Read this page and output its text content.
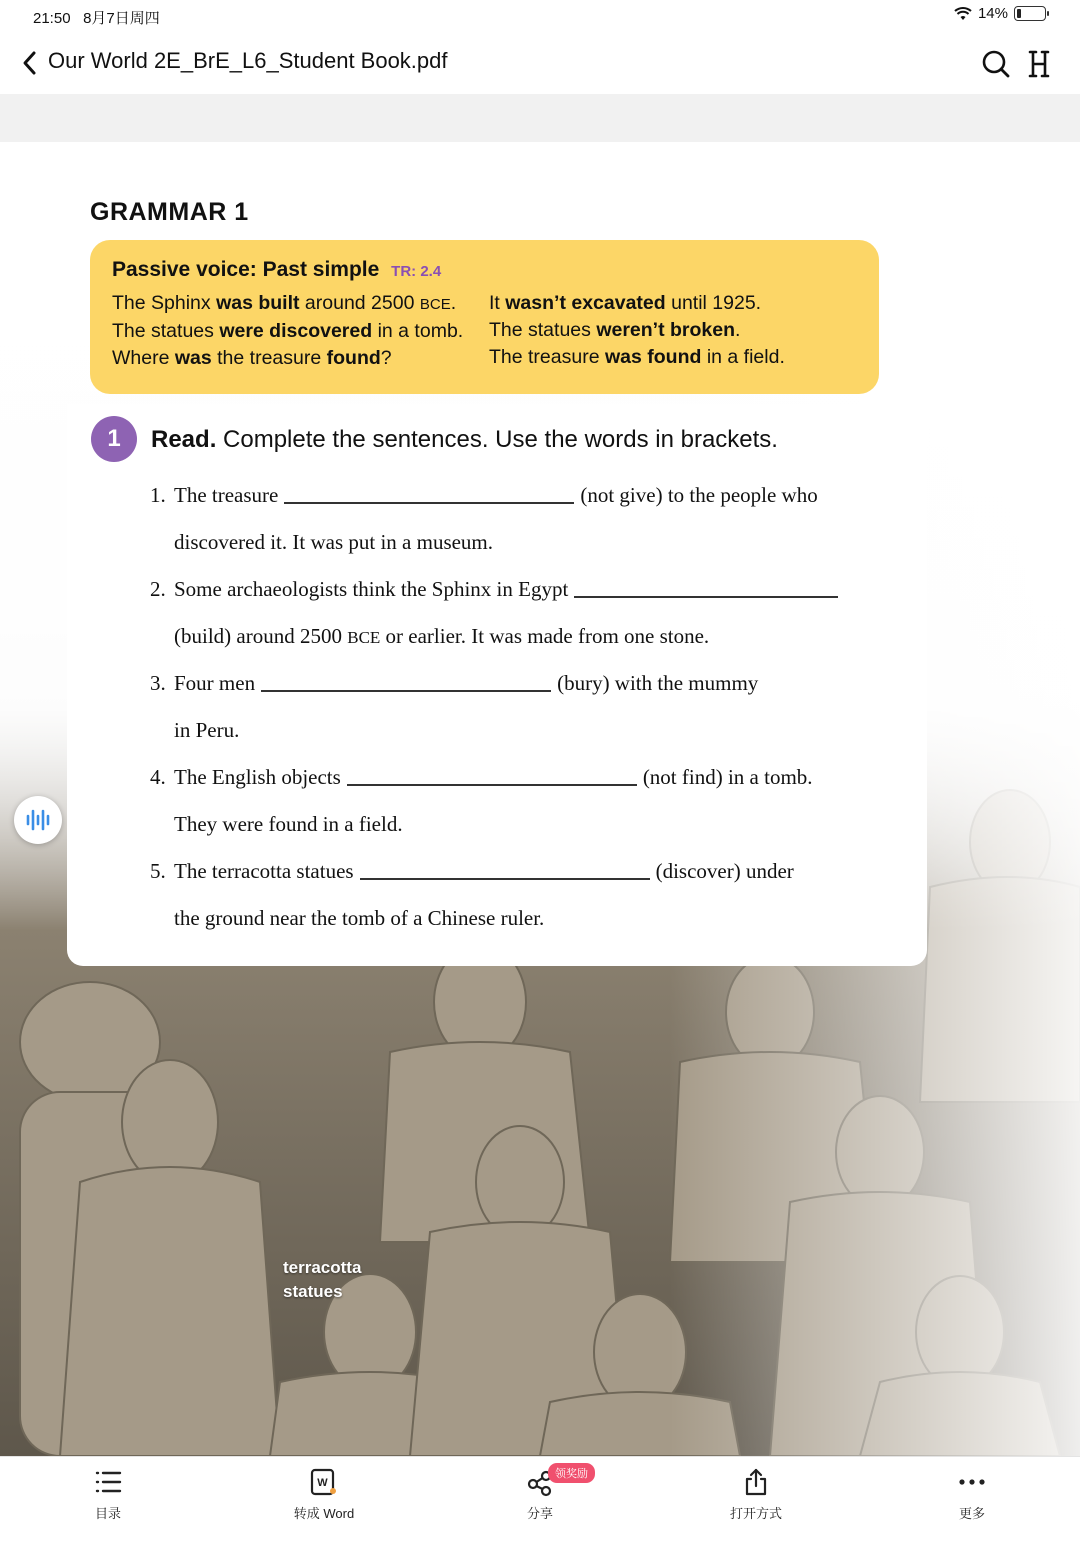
21:50 8月7日周四	14%
Our World 2E_BrE_L6_Student Book.pdf
GRAMMAR 1
Passive voice: Past simple TR: 2.4
The Sphinx was built around 2500 BCE.
The statues were discovered in a tomb.
Where was the treasure found?
It wasn’t excavated until 1925.
The statues weren’t broken.
The treasure was found in a field.
1	Read. Complete the sentences. Use the words in brackets.
1. The treasure	(not give) to the people who
discovered it. It was put in a museum.
2. Some archaeologists think the Sphinx in Egypt
(build) around 2500 BCE or earlier. It was made from one stone.
3. Four men	(bury) with the mummy
in Peru.
4. The English objects	(not find) in a tomb.
They were found in a field.
5. The terracotta statues	(discover) under
the ground near the tomb of a Chinese ruler.
terracotta
statues
目录
W
转成 Word	分享
领奖励
打开方式	更多
